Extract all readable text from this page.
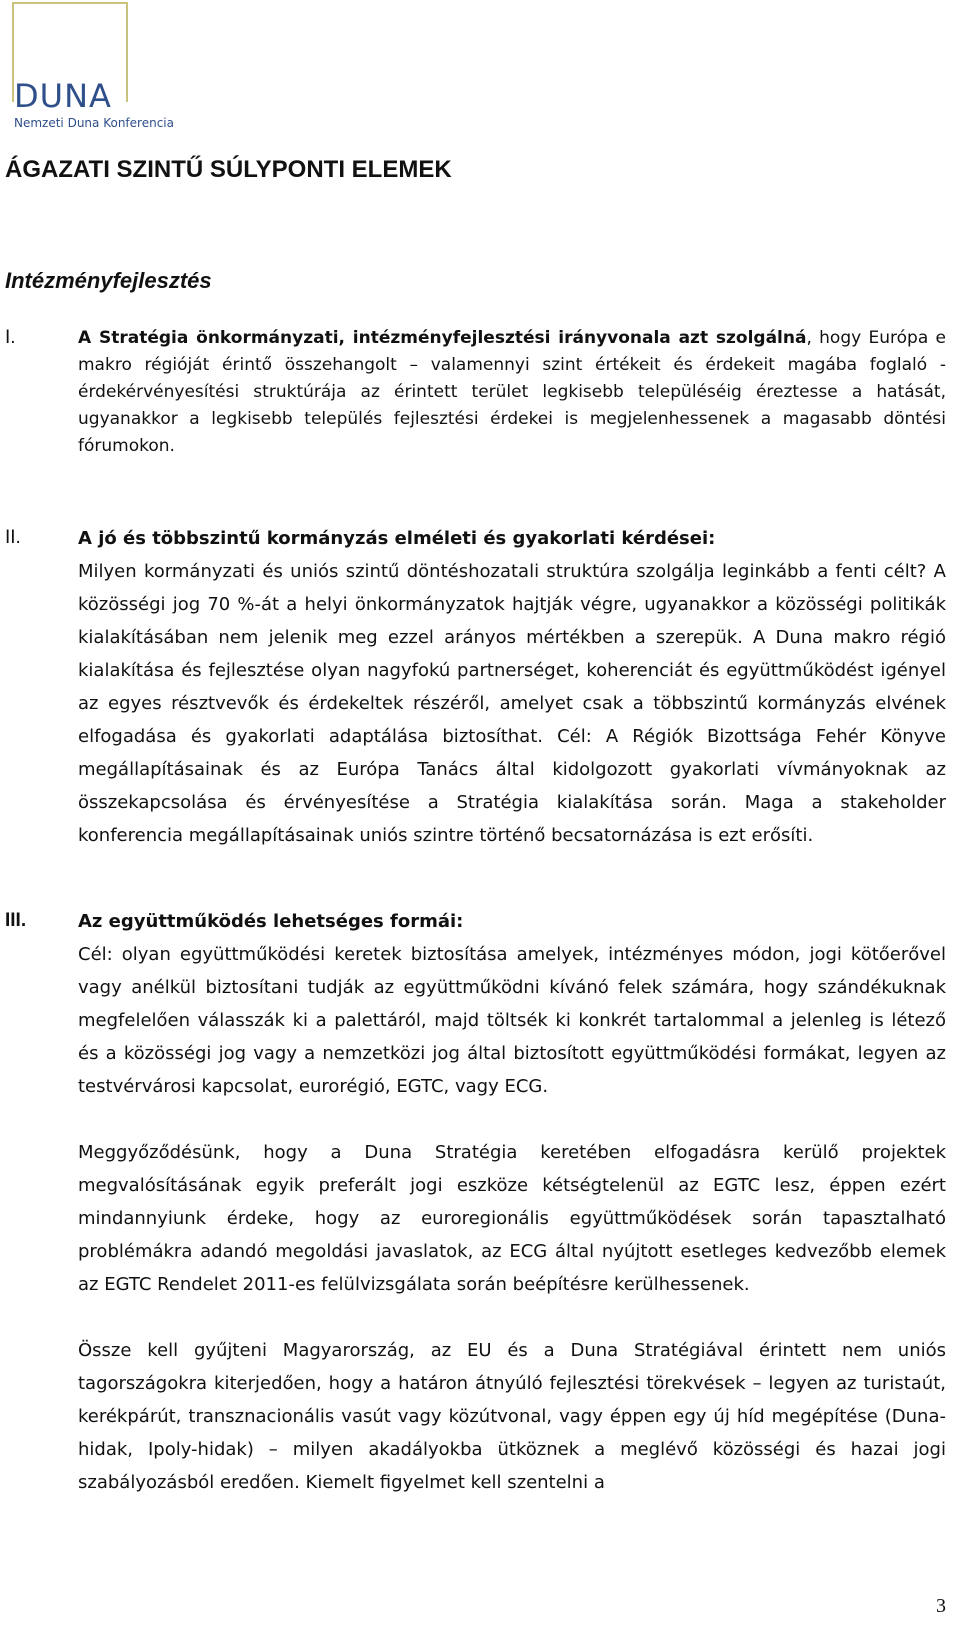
DUNA
Nemzeti Duna Konferencia
ÁGAZATI SZINTŰ SÚLYPONTI ELEMEK
Intézményfejlesztés
I.	A Stratégia önkormányzati, intézményfejlesztési irányvonala azt szolgálná, hogy Európa e makro régióját érintő összehangolt – valamennyi szint értékeit és érdekeit magába foglaló - érdekérvényesítési struktúrája az érintett terület legkisebb településéig éreztesse a hatását, ugyanakkor a legkisebb település fejlesztési érdekei is megjelenhessenek a magasabb döntési fórumokon.

II.	A jó és többszintű kormányzás elméleti és gyakorlati kérdései:

Milyen kormányzati és uniós szintű döntéshozatali struktúra szolgálja leginkább a fenti célt? A közösségi jog 70 %-át a helyi önkormányzatok hajtják végre, ugyanakkor a közösségi politikák kialakításában nem jelenik meg ezzel arányos mértékben a szerepük. A Duna makro régió kialakítása és fejlesztése olyan nagyfokú partnerséget, koherenciát és együttműködést igényel az egyes résztvevők és érdekeltek részéről, amelyet csak a többszintű kormányzás elvének elfogadása és gyakorlati adaptálása biztosíthat. Cél: A Régiók Bizottsága Fehér Könyve megállapításainak és az Európa Tanács által kidolgozott gyakorlati vívmányoknak az összekapcsolása és érvényesítése a Stratégia kialakítása során. Maga a stakeholder konferencia megállapításainak uniós szintre történő becsatornázása is ezt erősíti.

III.	Az együttműködés lehetséges formái:

Cél: olyan együttműködési keretek biztosítása amelyek, intézményes módon, jogi kötőerővel vagy anélkül biztosítani tudják az együttműködni kívánó felek számára, hogy szándékuknak megfelelően válasszák ki a palettáról, majd töltsék ki konkrét tartalommal a jelenleg is létező és a közösségi jog vagy a nemzetközi jog által biztosított együttműködési formákat, legyen az testvérvárosi kapcsolat, eurorégió, EGTC, vagy ECG.

Meggyőződésünk, hogy a Duna Stratégia keretében elfogadásra kerülő projektek megvalósításának egyik preferált jogi eszköze kétségtelenül az EGTC lesz, éppen ezért mindannyiunk érdeke, hogy az euroregionális együttműködések során tapasztalható problémákra adandó megoldási javaslatok, az ECG által nyújtott esetleges kedvezőbb elemek az EGTC Rendelet 2011-es felülvizsgálata során beépítésre kerülhessenek.

Össze kell gyűjteni Magyarország, az EU és a Duna Stratégiával érintett nem uniós tagországokra kiterjedően, hogy a határon átnyúló fejlesztési törekvések – legyen az turistaút, kerékpárút, transznacionális vasút vagy közútvonal, vagy éppen egy új híd megépítése (Duna-hidak, Ipoly-hidak) – milyen akadályokba ütköznek a meglévő közösségi és hazai jogi szabályozásból eredően. Kiemelt figyelmet kell szentelni a

3
